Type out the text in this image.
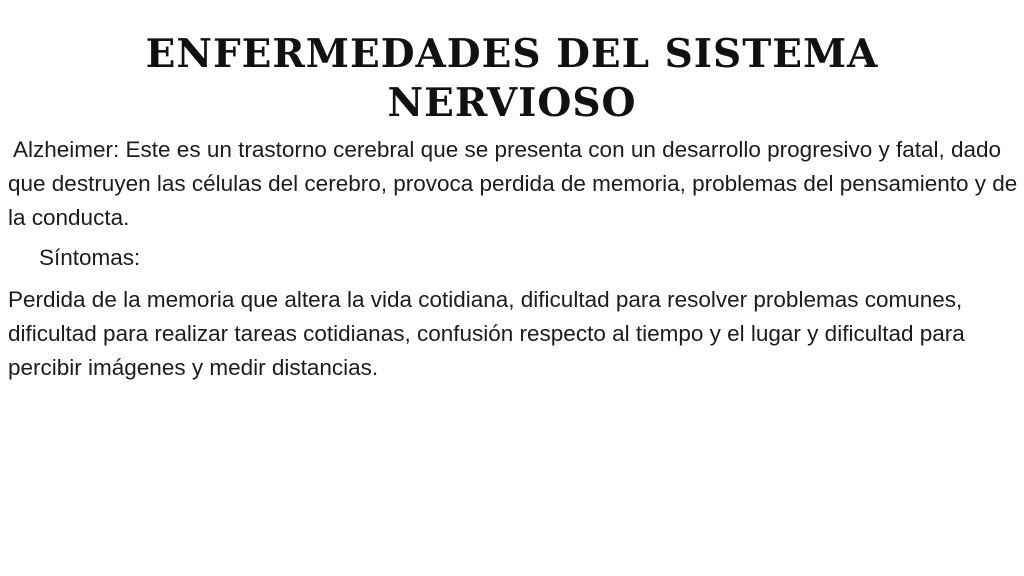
ENFERMEDADES DEL SISTEMA
NERVIOSO

Alzheimer: Este es un trastorno cerebral que se presenta con un desarrollo progresivo y fatal, dado que destruyen las células del cerebro, provoca perdida de memoria, problemas del pensamiento y de la conducta.

Síntomas:

Perdida de la memoria que altera la vida cotidiana, dificultad para resolver problemas comunes, dificultad para realizar tareas cotidianas, confusión respecto al tiempo y el lugar y dificultad para percibir imágenes y medir distancias.
